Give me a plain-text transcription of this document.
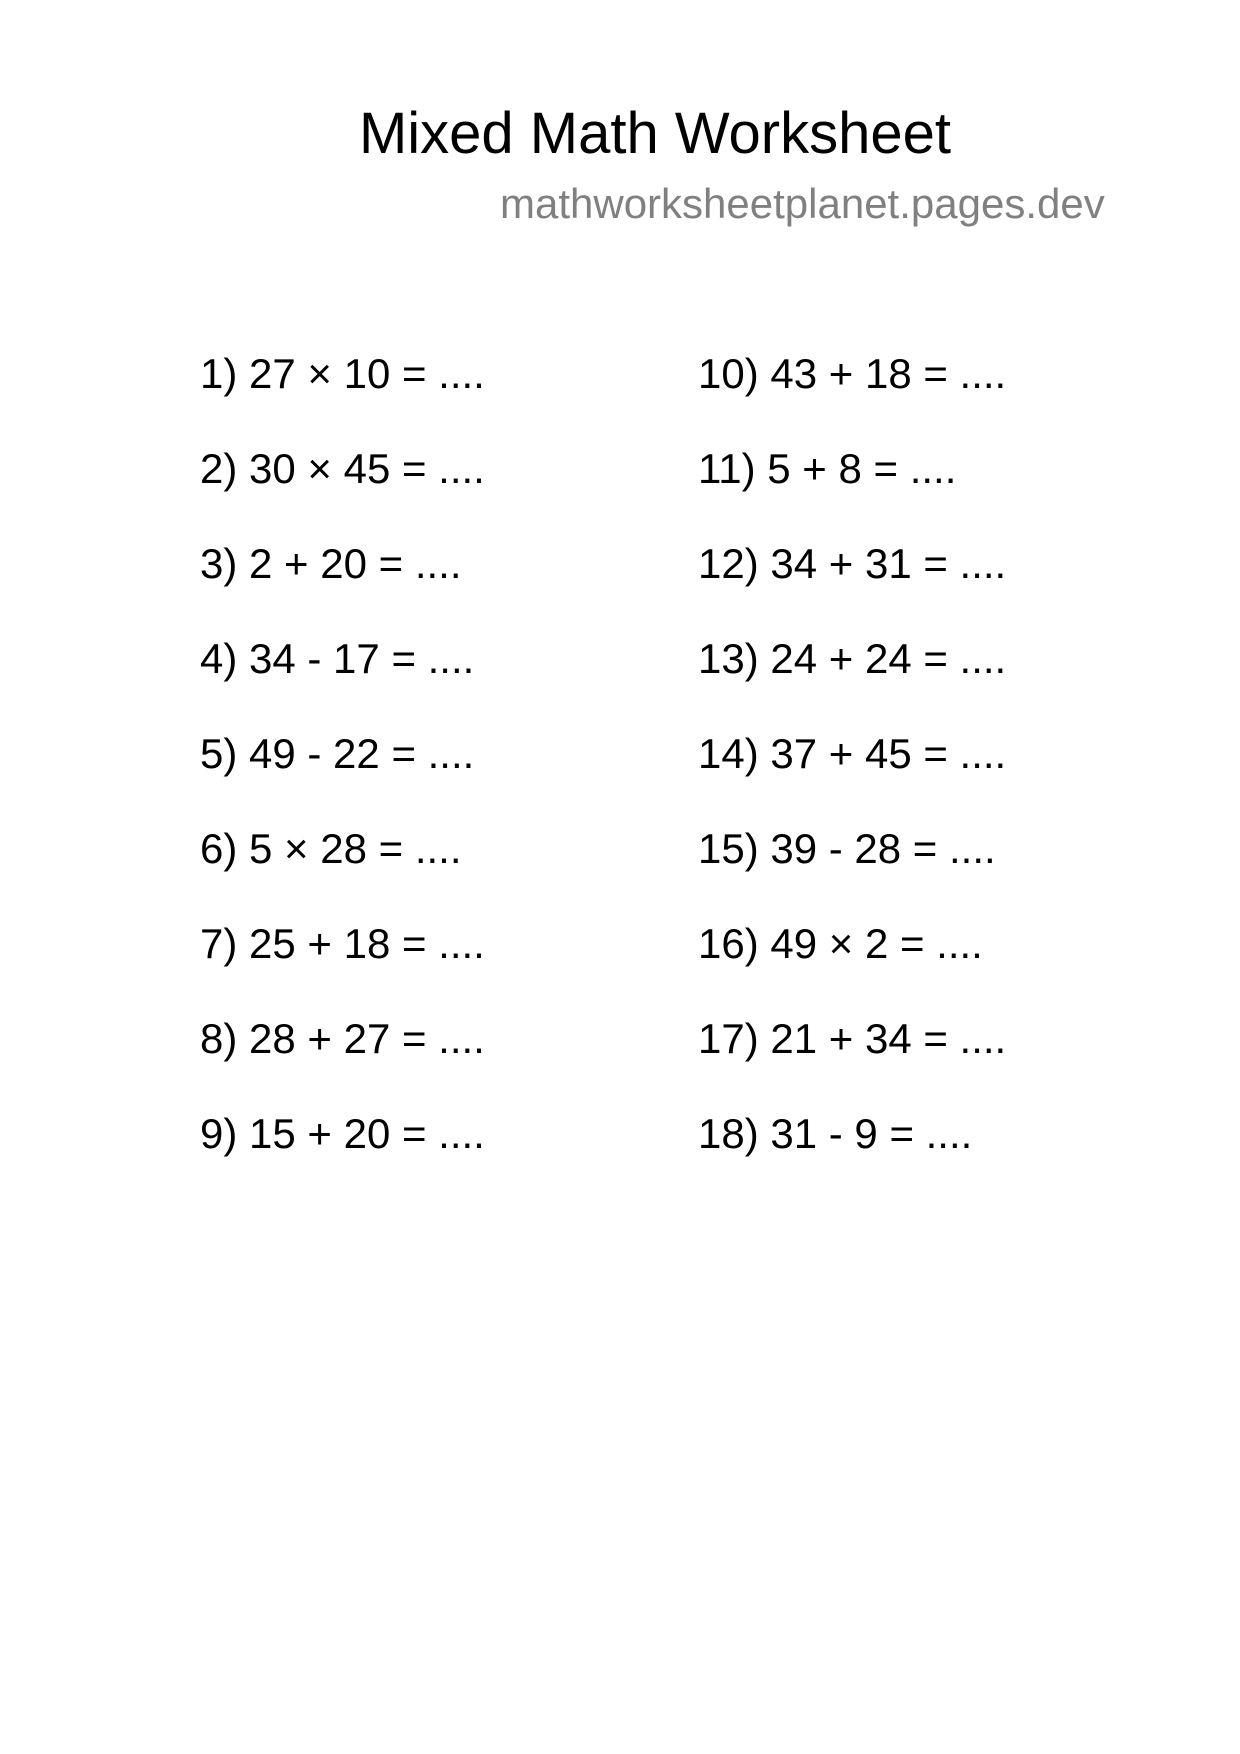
Mixed Math Worksheet
mathworksheetplanet.pages.dev
1) 27 × 10 = ....
2) 30 × 45 = ....
3) 2 + 20 = ....
4) 34 - 17 = ....
5) 49 - 22 = ....
6) 5 × 28 = ....
7) 25 + 18 = ....
8) 28 + 27 = ....
9) 15 + 20 = ....
10) 43 + 18 = ....
11) 5 + 8 = ....
12) 34 + 31 = ....
13) 24 + 24 = ....
14) 37 + 45 = ....
15) 39 - 28 = ....
16) 49 × 2 = ....
17) 21 + 34 = ....
18) 31 - 9 = ....
